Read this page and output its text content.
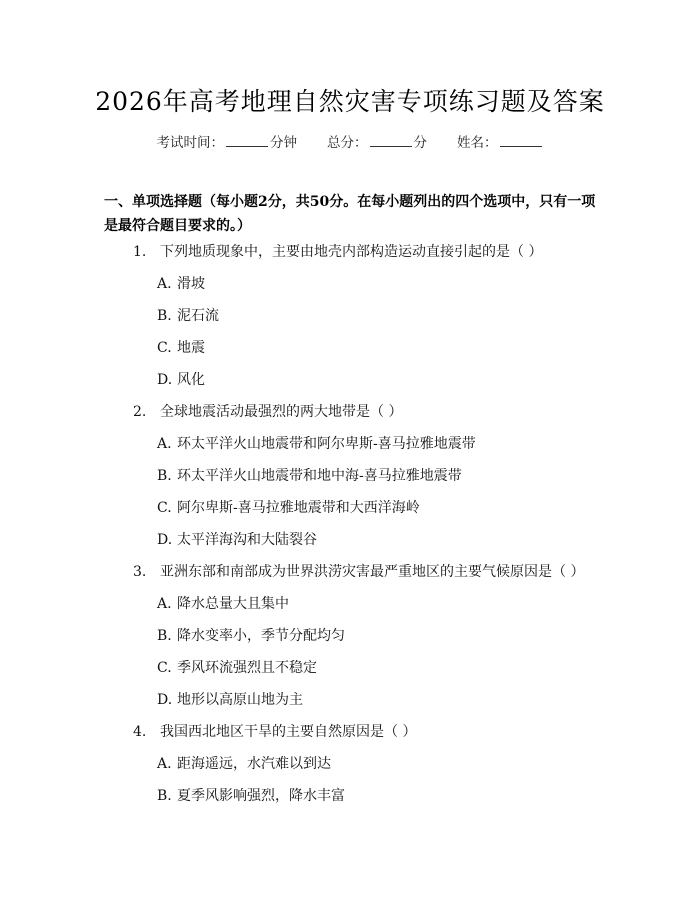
2026年高考地理自然灾害专项练习题及答案
考试时间：	分钟 总分：	分 姓名：
一、单项选择题（每小题2分，共50分。在每小题列出的四个选项中，只有一项是最符合题目要求的。）
1. 下列地质现象中，主要由地壳内部构造运动直接引起的是（ ）
A. 滑坡
B. 泥石流
C. 地震
D. 风化
2. 全球地震活动最强烈的两大地带是（ ）
A. 环太平洋火山地震带和阿尔卑斯-喜马拉雅地震带
B. 环太平洋火山地震带和地中海-喜马拉雅地震带
C. 阿尔卑斯-喜马拉雅地震带和大西洋海岭
D. 太平洋海沟和大陆裂谷
3. 亚洲东部和南部成为世界洪涝灾害最严重地区的主要气候原因是（ ）
A. 降水总量大且集中
B. 降水变率小，季节分配均匀
C. 季风环流强烈且不稳定
D. 地形以高原山地为主
4. 我国西北地区干旱的主要自然原因是（ ）
A. 距海遥远，水汽难以到达
B. 夏季风影响强烈，降水丰富
